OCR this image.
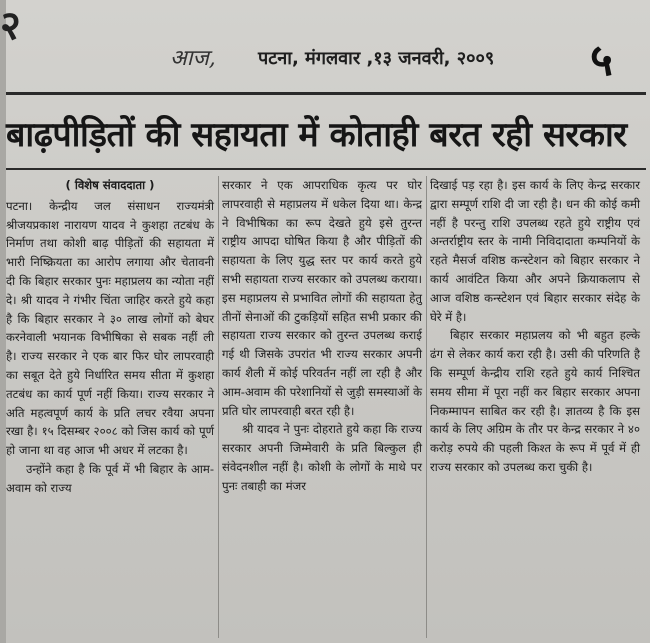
२
आज, पटना, मंगलवार ,१३ जनवरी, २००९ ५
बाढ़पीड़ितों की सहायता में कोताही बरत रही सरकार

( विशेष संवाददाता )

पटना। केन्द्रीय जल संसाधन राज्यमंत्री श्रीजयप्रकाश नारायण यादव ने कुशहा तटबंध के निर्माण तथा कोशी बाढ़ पीड़ितों की सहायता में भारी निष्क्रियता का आरोप लगाया और चेतावनी दी कि बिहार सरकार पुनः महाप्रलय का न्योता नहीं दे। श्री यादव ने गंभीर चिंता जाहिर करते हुये कहा है कि बिहार सरकार ने ३० लाख लोगों को बेघर करनेवाली भयानक विभीषिका से सबक नहीं ली है। राज्य सरकार ने एक बार फिर घोर लापरवाही का सबूत देते हुये निर्धारित समय सीता में कुशहा तटबंध का कार्य पूर्ण नहीं किया। राज्य सरकार ने अति महत्वपूर्ण कार्य के प्रति लचर रवैया अपना रखा है। १५ दिसम्बर २००८ को जिस कार्य को पूर्ण हो जाना था वह आज भी अधर में लटका है।

उन्होंने कहा है कि पूर्व में भी बिहार के आम-अवाम को राज्य

सरकार ने एक आपराधिक कृत्य पर घोर लापरवाही से महाप्रलय में धकेल दिया था। केन्द्र ने विभीषिका का रूप देखते हुये इसे तुरन्त राष्ट्रीय आपदा घोषित किया है और पीड़ितों की सहायता के लिए युद्ध स्तर पर कार्य करते हुये सभी सहायता राज्य सरकार को उपलब्ध कराया। इस महाप्रलय से प्रभावित लोगों की सहायता हेतु तीनों सेनाओं की टुकड़ियों सहित सभी प्रकार की सहायता राज्य सरकार को तुरन्त उपलब्ध कराई गई थी जिसके उपरांत भी राज्य सरकार अपनी कार्य शैली में कोई परिवर्तन नहीं ला रही है और आम-अवाम की परेशानियों से जुड़ी समस्याओं के प्रति घोर लापरवाही बरत रही है।

श्री यादव ने पुनः दोहराते हुये कहा कि राज्य सरकार अपनी जिम्मेवारी के प्रति बिल्कुल ही संवेदनशील नहीं है। कोशी के लोगों के माथे पर पुनः तबाही का मंजर

दिखाई पड़ रहा है। इस कार्य के लिए केन्द्र सरकार द्वारा सम्पूर्ण राशि दी जा रही है। धन की कोई कमी नहीं है परन्तु राशि उपलब्ध रहते हुये राष्ट्रीय एवं अन्तर्राष्ट्रीय स्तर के नामी निविदादाता कम्पनियों के रहते मैसर्ज वशिष्ठ कन्स्टेशन को बिहार सरकार ने कार्य आवंटित किया और अपने क्रियाकलाप से आज वशिष्ठ कन्स्टेशन एवं बिहार सरकार संदेह के घेरे में है।

बिहार सरकार महाप्रलय को भी बहुत हल्के ढंग से लेकर कार्य करा रही है। उसी की परिणति है कि सम्पूर्ण केन्द्रीय राशि रहते हुये कार्य निश्चित समय सीमा में पूरा नहीं कर बिहार सरकार अपना निकम्मापन साबित कर रही है। ज्ञातव्य है कि इस कार्य के लिए अग्रिम के तौर पर केन्द्र सरकार ने ४० करोड़ रुपये की पहली किश्त के रूप में पूर्व में ही राज्य सरकार को उपलब्ध करा चुकी है।
